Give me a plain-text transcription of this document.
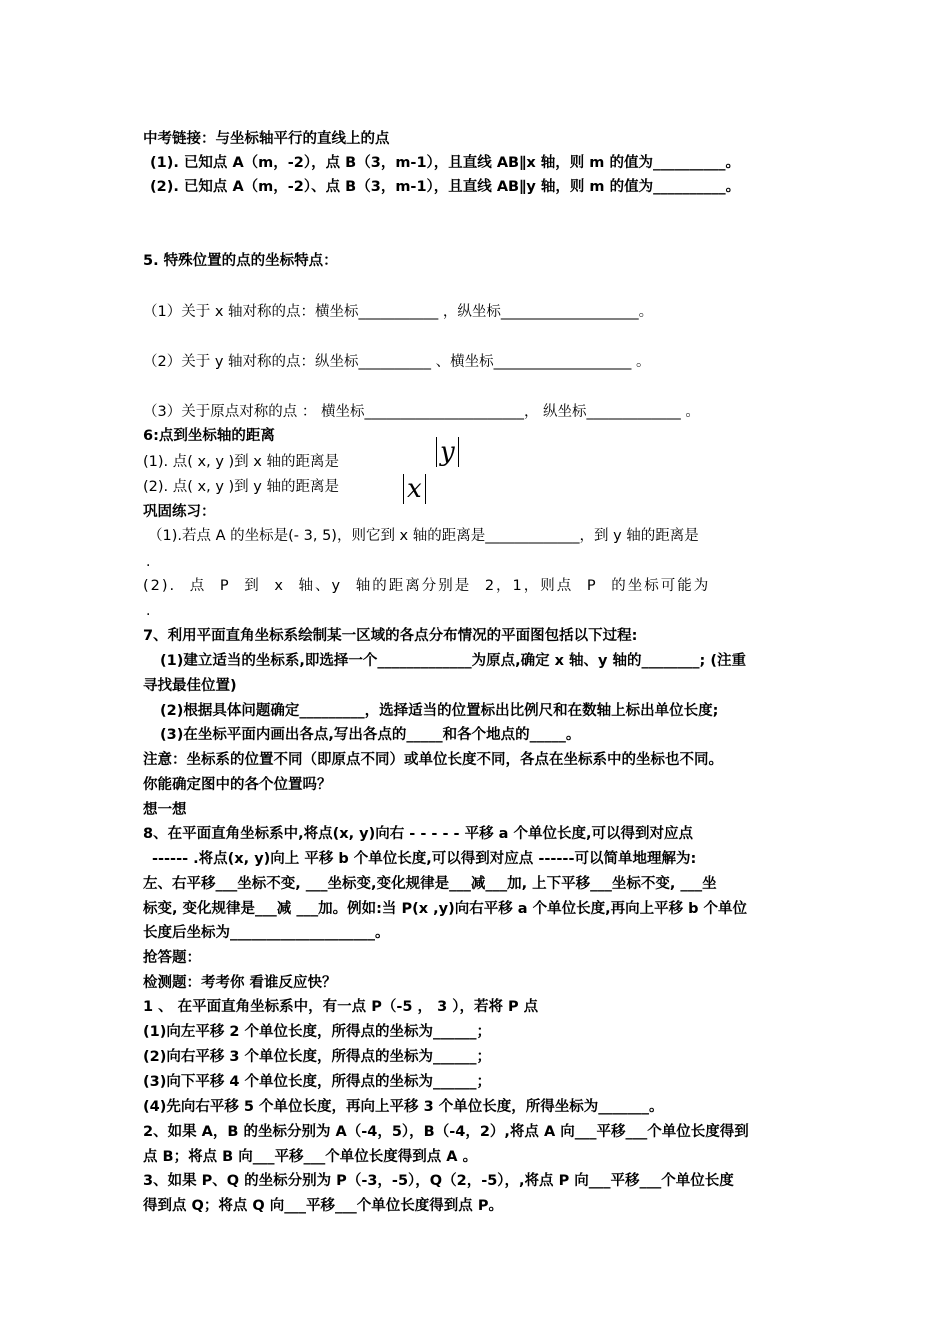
中考链接：与坐标轴平行的直线上的点
(1). 已知点 A（m，-2），点 B（3，m-1），且直线 AB∥x 轴，则 m 的值为__________。
(2). 已知点 A（m，-2）、点 B（3，m-1），且直线 AB∥y 轴，则 m 的值为__________。
5. 特殊位置的点的坐标特点：
（1）关于 x 轴对称的点：横坐标___________ ，纵坐标___________________。
（2）关于 y 轴对称的点：纵坐标__________ 、横坐标___________________ 。
（3）关于原点对称的点 ： 横坐标______________________， 纵坐标_____________ 。
6:点到坐标轴的距离
(1). 点( x, y )到 x 轴的距离是	y
(2). 点( x, y )到 y 轴的距离是	x
巩固练习：
（1).若点 A 的坐标是(- 3, 5)，则它到 x 轴的距离是_____________，到 y 轴的距离是
.
(2). 点 P 到 x 轴、y 轴的距离分别是 2，1，则点 P 的坐标可能为
.
7、利用平面直角坐标系绘制某一区域的各点分布情况的平面图包括以下过程:
(1)建立适当的坐标系,即选择一个_____________为原点,确定 x 轴、y 轴的________; (注重
寻找最佳位置)
(2)根据具体问题确定_________，选择适当的位置标出比例尺和在数轴上标出单位长度;
(3)在坐标平面内画出各点,写出各点的_____和各个地点的_____。
注意：坐标系的位置不同（即原点不同）或单位长度不同，各点在坐标系中的坐标也不同。
你能确定图中的各个位置吗？
想一想
8、在平面直角坐标系中,将点(x, y)向右 - - - - - 平移 a 个单位长度,可以得到对应点
------ .将点(x, y)向上 平移 b 个单位长度,可以得到对应点 ------可以简单地理解为:
左、右平移___坐标不变, ___坐标变,变化规律是___减___加, 上下平移___坐标不变, ___坐
标变, 变化规律是___减 ___加。例如:当 P(x ,y)向右平移 a 个单位长度,再向上平移 b 个单位
长度后坐标为____________________。
抢答题：
检测题：考考你 看谁反应快？
1 、 在平面直角坐标系中，有一点 P（-5 ， 3 ），若将 P 点
(1)向左平移 2 个单位长度，所得点的坐标为______；
(2)向右平移 3 个单位长度，所得点的坐标为______；
(3)向下平移 4 个单位长度，所得点的坐标为______；
(4)先向右平移 5 个单位长度，再向上平移 3 个单位长度，所得坐标为_______。
2、如果 A，B 的坐标分别为 A（-4，5），B（-4，2）,将点 A 向___平移___个单位长度得到
点 B；将点 B 向___平移___个单位长度得到点 A 。
3、如果 P、Q 的坐标分别为 P（-3，-5），Q（2，-5），,将点 P 向___平移___个单位长度
得到点 Q；将点 Q 向___平移___个单位长度得到点 P。
